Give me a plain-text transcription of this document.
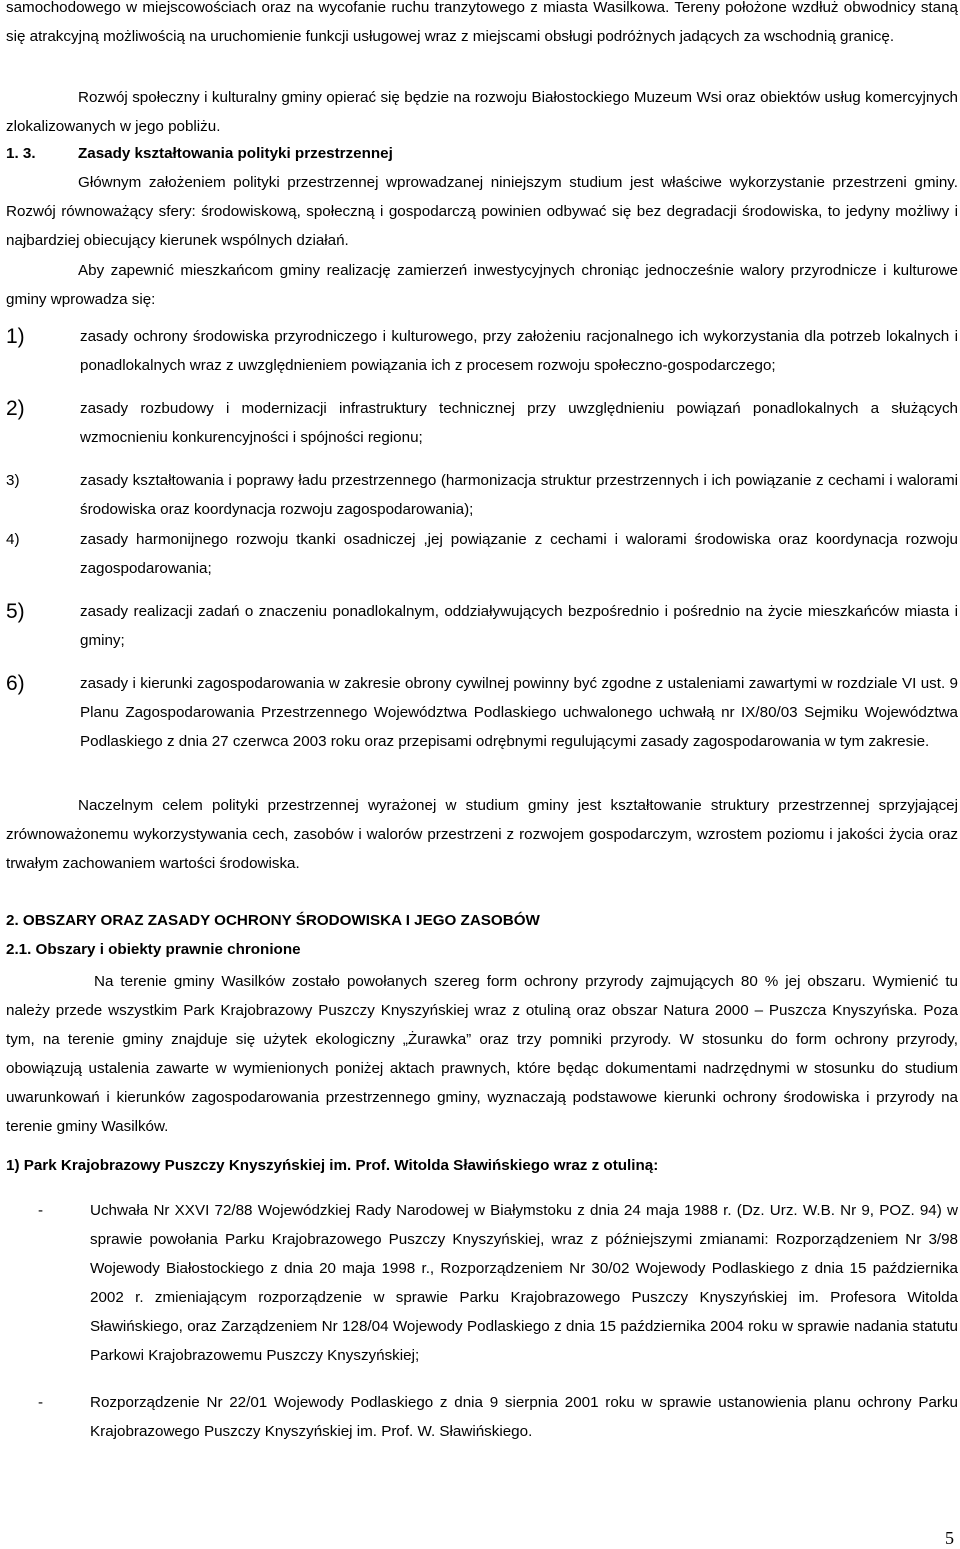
samochodowego w miejscowościach oraz na wycofanie ruchu tranzytowego z miasta Wasilkowa. Tereny położone wzdłuż obwodnicy staną się atrakcyjną możliwością na uruchomienie funkcji usługowej wraz z miejscami obsługi podróżnych jadących za wschodnią granicę.

Rozwój społeczny i kulturalny gminy opierać się będzie na rozwoju Białostockiego Muzeum Wsi oraz obiektów usług komercyjnych zlokalizowanych w jego pobliżu.

1. 3.	Zasady kształtowania polityki przestrzennej

Głównym założeniem polityki przestrzennej wprowadzanej niniejszym studium jest właściwe wykorzystanie przestrzeni gminy. Rozwój równoważący sfery: środowiskową, społeczną i gospodarczą powinien odbywać się bez degradacji środowiska, to jedyny możliwy i najbardziej obiecujący kierunek wspólnych działań.

Aby zapewnić mieszkańcom gminy realizację zamierzeń inwestycyjnych chroniąc jednocześnie walory przyrodnicze i kulturowe gminy wprowadza się:

1)	zasady ochrony środowiska przyrodniczego i kulturowego, przy założeniu racjonalnego ich wykorzystania dla potrzeb lokalnych i ponadlokalnych wraz z uwzględnieniem powiązania ich z procesem rozwoju społeczno-gospodarczego;
2)	zasady rozbudowy i modernizacji infrastruktury technicznej przy uwzględnieniu powiązań ponadlokalnych a służących wzmocnieniu konkurencyjności i spójności regionu;
3)	zasady kształtowania i poprawy ładu przestrzennego (harmonizacja struktur przestrzennych i ich powiązanie z cechami i walorami środowiska oraz koordynacja rozwoju zagospodarowania);
4)	zasady harmonijnego rozwoju tkanki osadniczej ,jej powiązanie z cechami i walorami środowiska oraz koordynacja rozwoju zagospodarowania;
5)	zasady realizacji zadań o znaczeniu ponadlokalnym, oddziaływujących bezpośrednio i pośrednio na życie mieszkańców miasta i gminy;
6)	zasady i kierunki zagospodarowania w zakresie obrony cywilnej powinny być zgodne z ustaleniami zawartymi w rozdziale VI ust. 9 Planu Zagospodarowania Przestrzennego Województwa Podlaskiego uchwalonego uchwałą nr IX/80/03 Sejmiku Województwa Podlaskiego z dnia 27 czerwca 2003 roku oraz przepisami odrębnymi regulującymi zasady zagospodarowania w tym zakresie.

Naczelnym celem polityki przestrzennej wyrażonej w studium gminy jest kształtowanie struktury przestrzennej sprzyjającej zrównoważonemu wykorzystywania cech, zasobów i walorów przestrzeni z rozwojem gospodarczym, wzrostem poziomu i jakości życia oraz trwałym zachowaniem wartości środowiska.

2. OBSZARY ORAZ ZASADY OCHRONY ŚRODOWISKA I JEGO ZASOBÓW

2.1. Obszary i obiekty prawnie chronione

Na terenie gminy Wasilków zostało powołanych szereg form ochrony przyrody zajmujących 80 % jej obszaru. Wymienić tu należy przede wszystkim Park Krajobrazowy Puszczy Knyszyńskiej wraz z otuliną oraz obszar Natura 2000 – Puszcza Knyszyńska. Poza tym, na terenie gminy znajduje się użytek ekologiczny „Żurawka” oraz trzy pomniki przyrody. W stosunku do form ochrony przyrody, obowiązują ustalenia zawarte w wymienionych poniżej aktach prawnych, które będąc dokumentami nadrzędnymi w stosunku do studium uwarunkowań i kierunków zagospodarowania przestrzennego gminy, wyznaczają podstawowe kierunki ochrony środowiska i przyrody na terenie gminy Wasilków.

1) Park Krajobrazowy Puszczy Knyszyńskiej im. Prof. Witolda Sławińskiego wraz z otuliną:

-	Uchwała Nr XXVI 72/88 Wojewódzkiej Rady Narodowej w Białymstoku z dnia 24 maja 1988 r. (Dz. Urz. W.B. Nr 9, POZ. 94) w sprawie powołania Parku Krajobrazowego Puszczy Knyszyńskiej, wraz z późniejszymi zmianami: Rozporządzeniem Nr 3/98 Wojewody Białostockiego z dnia 20 maja 1998 r., Rozporządzeniem Nr 30/02 Wojewody Podlaskiego z dnia 15 października 2002 r. zmieniającym rozporządzenie w sprawie Parku Krajobrazowego Puszczy Knyszyńskiej im. Profesora Witolda Sławińskiego, oraz Zarządzeniem Nr 128/04 Wojewody Podlaskiego z dnia 15 października 2004 roku w sprawie nadania statutu Parkowi Krajobrazowemu Puszczy Knyszyńskiej;
-	Rozporządzenie Nr 22/01 Wojewody Podlaskiego z dnia 9 sierpnia 2001 roku w sprawie ustanowienia planu ochrony Parku Krajobrazowego Puszczy Knyszyńskiej im. Prof. W. Sławińskiego.
5
